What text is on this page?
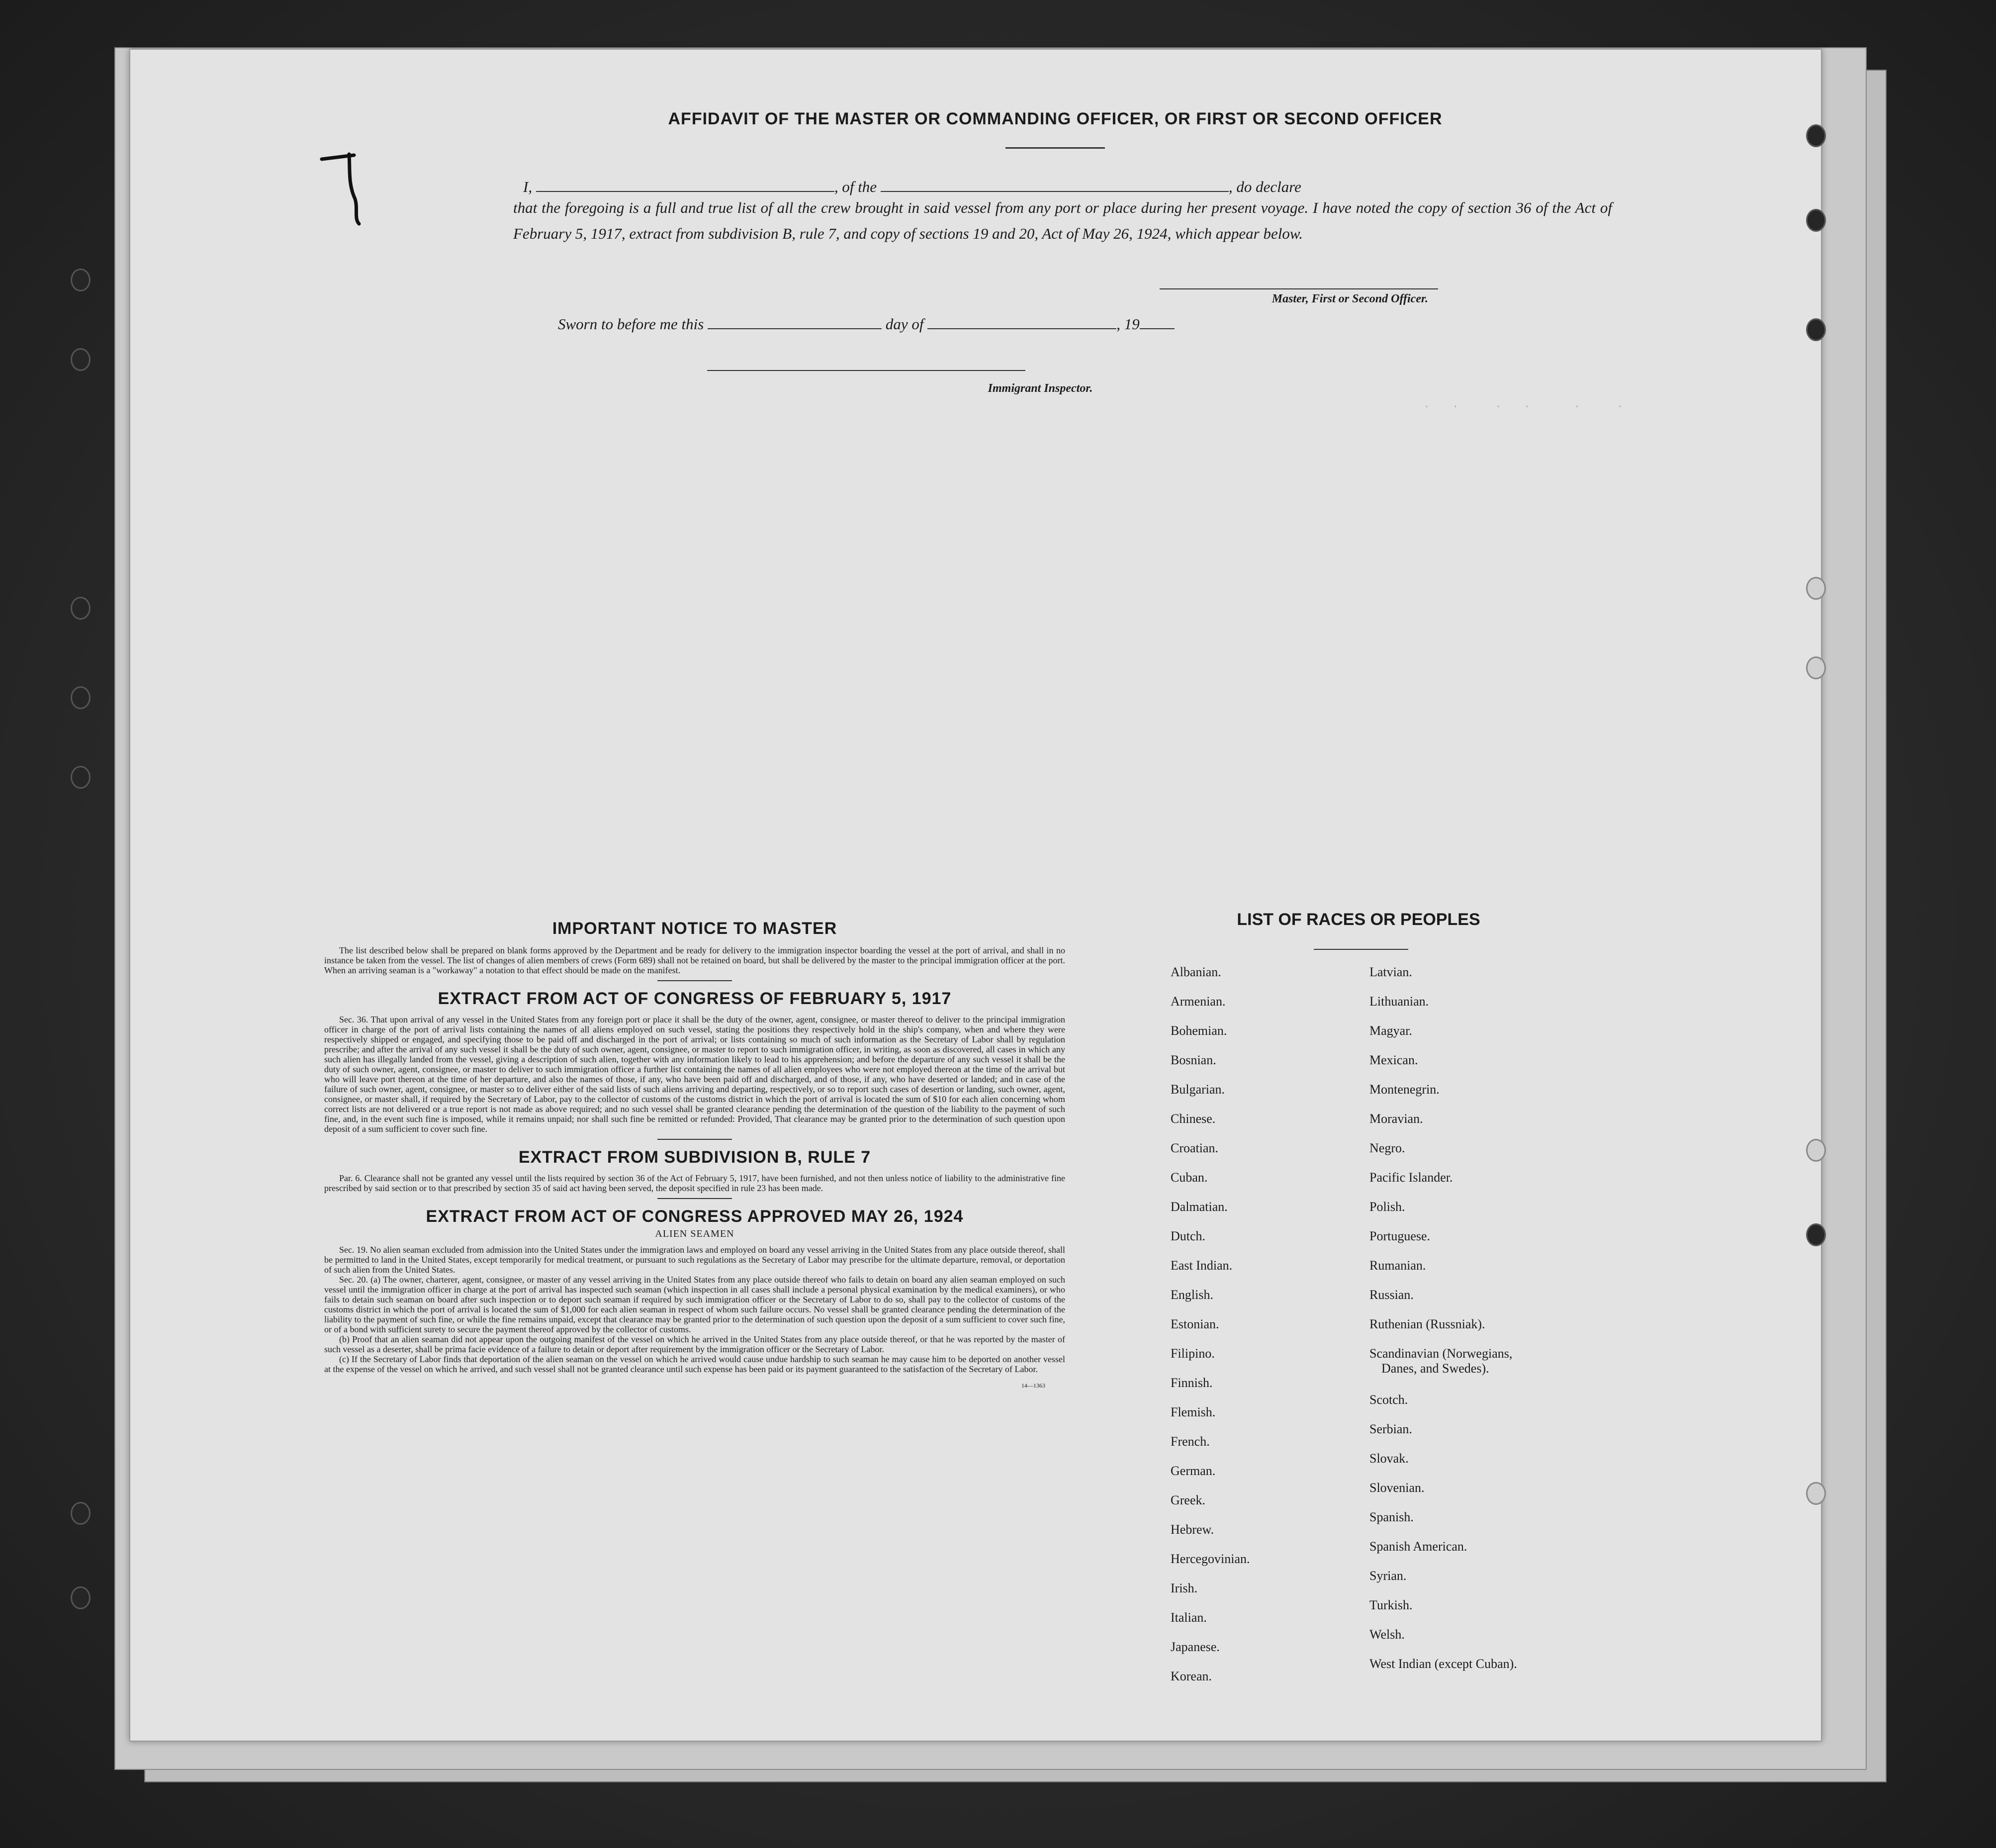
.   .     .   .      .     .
AFFIDAVIT OF THE MASTER OR COMMANDING OFFICER, OR FIRST OR SECOND OFFICER
I,	, of the	, do declare
that the foregoing is a full and true list of all the crew brought in said vessel from any port or place during her present voyage. I have noted the copy of section 36 of the Act of February 5, 1917, extract from subdivision B, rule 7, and copy of sections 19 and 20, Act of May 26, 1924, which appear below.
Master, First or Second Officer.
Sworn to before me this	day of	, 19
Immigrant Inspector.
IMPORTANT NOTICE TO MASTER
The list described below shall be prepared on blank forms approved by the Department and be ready for delivery to the immigration inspector boarding the vessel at the port of arrival, and shall in no instance be taken from the vessel. The list of changes of alien members of crews (Form 689) shall not be retained on board, but shall be delivered by the master to the principal immigration officer at the port. When an arriving seaman is a "workaway" a notation to that effect should be made on the manifest.
EXTRACT FROM ACT OF CONGRESS OF FEBRUARY 5, 1917
Sec. 36. That upon arrival of any vessel in the United States from any foreign port or place it shall be the duty of the owner, agent, consignee, or master thereof to deliver to the principal immigration officer in charge of the port of arrival lists containing the names of all aliens employed on such vessel, stating the positions they respectively hold in the ship's company, when and where they were respectively shipped or engaged, and specifying those to be paid off and discharged in the port of arrival; or lists containing so much of such information as the Secretary of Labor shall by regulation prescribe; and after the arrival of any such vessel it shall be the duty of such owner, agent, consignee, or master to report to such immigration officer, in writing, as soon as discovered, all cases in which any such alien has illegally landed from the vessel, giving a description of such alien, together with any information likely to lead to his apprehension; and before the departure of any such vessel it shall be the duty of such owner, agent, consignee, or master to deliver to such immigration officer a further list containing the names of all alien employees who were not employed thereon at the time of the arrival but who will leave port thereon at the time of her departure, and also the names of those, if any, who have been paid off and discharged, and of those, if any, who have deserted or landed; and in case of the failure of such owner, agent, consignee, or master so to deliver either of the said lists of such aliens arriving and departing, respectively, or so to report such cases of desertion or landing, such owner, agent, consignee, or master shall, if required by the Secretary of Labor, pay to the collector of customs of the customs district in which the port of arrival is located the sum of $10 for each alien concerning whom correct lists are not delivered or a true report is not made as above required; and no such vessel shall be granted clearance pending the determination of the question of the liability to the payment of such fine, and, in the event such fine is imposed, while it remains unpaid; nor shall such fine be remitted or refunded: Provided, That clearance may be granted prior to the determination of such question upon deposit of a sum sufficient to cover such fine.
EXTRACT FROM SUBDIVISION B, RULE 7
Par. 6. Clearance shall not be granted any vessel until the lists required by section 36 of the Act of February 5, 1917, have been furnished, and not then unless notice of liability to the administrative fine prescribed by said section or to that prescribed by section 35 of said act having been served, the deposit specified in rule 23 has been made.
EXTRACT FROM ACT OF CONGRESS APPROVED MAY 26, 1924
ALIEN SEAMEN
Sec. 19. No alien seaman excluded from admission into the United States under the immigration laws and employed on board any vessel arriving in the United States from any place outside thereof, shall be permitted to land in the United States, except temporarily for medical treatment, or pursuant to such regulations as the Secretary of Labor may prescribe for the ultimate departure, removal, or deportation of such alien from the United States.
Sec. 20. (a) The owner, charterer, agent, consignee, or master of any vessel arriving in the United States from any place outside thereof who fails to detain on board any alien seaman employed on such vessel until the immigration officer in charge at the port of arrival has inspected such seaman (which inspection in all cases shall include a personal physical examination by the medical examiners), or who fails to detain such seaman on board after such inspection or to deport such seaman if required by such immigration officer or the Secretary of Labor to do so, shall pay to the collector of customs of the customs district in which the port of arrival is located the sum of $1,000 for each alien seaman in respect of whom such failure occurs. No vessel shall be granted clearance pending the determination of the liability to the payment of such fine, or while the fine remains unpaid, except that clearance may be granted prior to the determination of such question upon the deposit of a sum sufficient to cover such fine, or of a bond with sufficient surety to secure the payment thereof approved by the collector of customs.
(b) Proof that an alien seaman did not appear upon the outgoing manifest of the vessel on which he arrived in the United States from any place outside thereof, or that he was reported by the master of such vessel as a deserter, shall be prima facie evidence of a failure to detain or deport after requirement by the immigration officer or the Secretary of Labor.
(c) If the Secretary of Labor finds that deportation of the alien seaman on the vessel on which he arrived would cause undue hardship to such seaman he may cause him to be deported on another vessel at the expense of the vessel on which he arrived, and such vessel shall not be granted clearance until such expense has been paid or its payment guaranteed to the satisfaction of the Secretary of Labor.
14—1363
LIST OF RACES OR PEOPLES
Albanian.
Armenian.
Bohemian.
Bosnian.
Bulgarian.
Chinese.
Croatian.
Cuban.
Dalmatian.
Dutch.
East Indian.
English.
Estonian.
Filipino.
Finnish.
Flemish.
French.
German.
Greek.
Hebrew.
Hercegovinian.
Irish.
Italian.
Japanese.
Korean.
Latvian.
Lithuanian.
Magyar.
Mexican.
Montenegrin.
Moravian.
Negro.
Pacific Islander.
Polish.
Portuguese.
Rumanian.
Russian.
Ruthenian (Russniak).
Scandinavian (Norwegians,
Danes, and Swedes).
Scotch.
Serbian.
Slovak.
Slovenian.
Spanish.
Spanish American.
Syrian.
Turkish.
Welsh.
West Indian (except Cuban).
